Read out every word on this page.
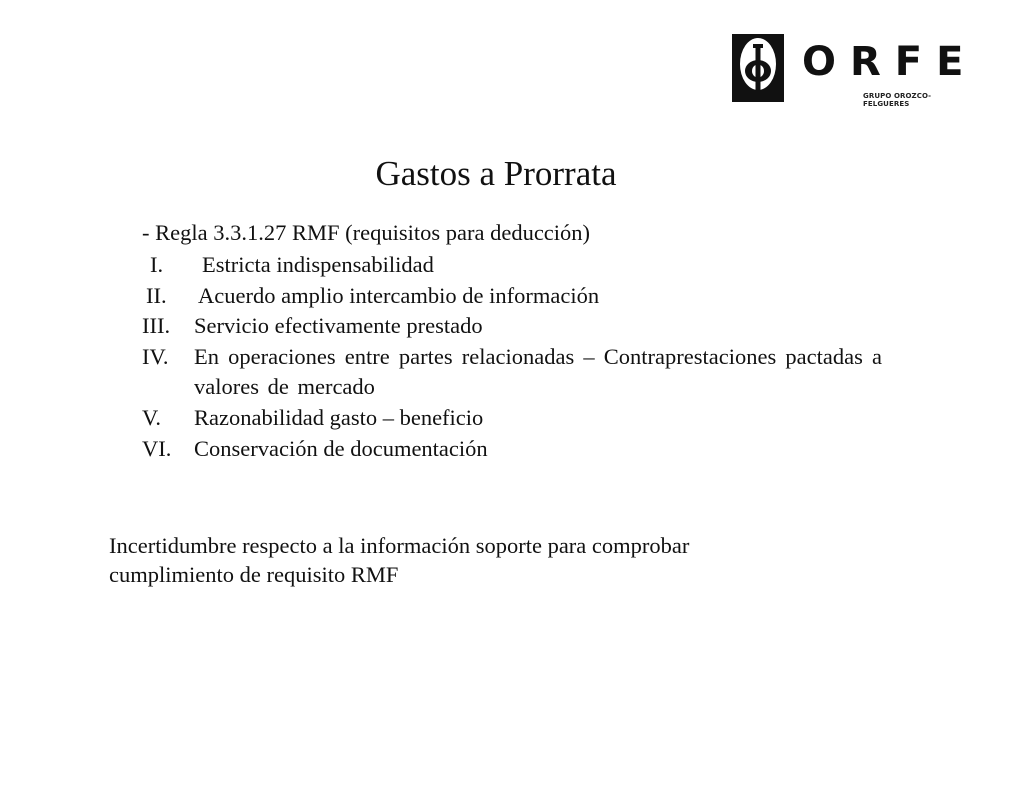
ORFE
GRUPO OROZCO-FELGUERES
Gastos a Prorrata
- Regla 3.3.1.27 RMF (requisitos para deducción)
I. Estricta indispensabilidad
II. Acuerdo amplio intercambio de información
III. Servicio efectivamente prestado
IV. En operaciones entre partes relacionadas – Contraprestaciones pactadas a valores de mercado
V. Razonabilidad gasto – beneficio
VI. Conservación de documentación
Incertidumbre respecto a la información soporte para comprobar cumplimiento de requisito RMF
